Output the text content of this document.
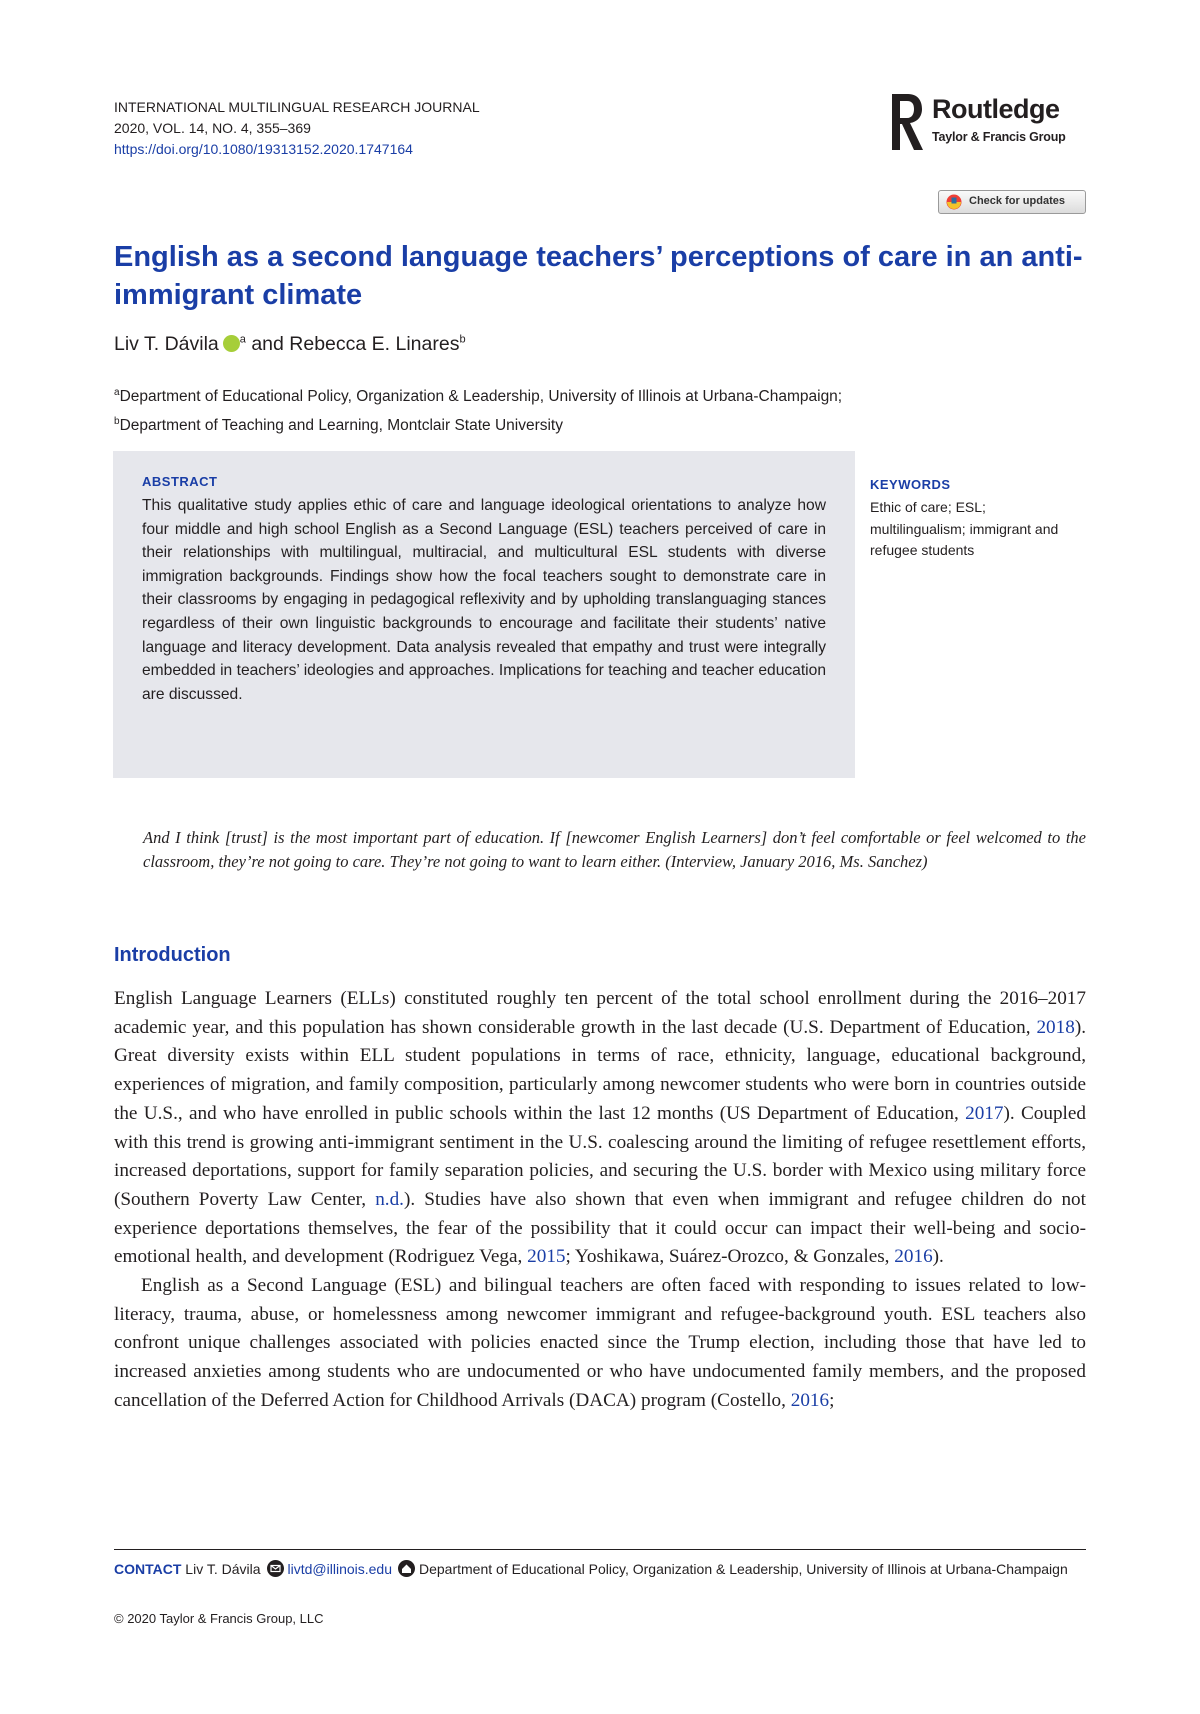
INTERNATIONAL MULTILINGUAL RESEARCH JOURNAL
2020, VOL. 14, NO. 4, 355–369
https://doi.org/10.1080/19313152.2020.1747164
Routledge
Taylor & Francis Group
Check for updates
English as a second language teachers’ perceptions of care in an anti-immigrant climate
Liv T. Dávila $^a$ and Rebecca E. Linares$^b$
$^a$Department of Educational Policy, Organization & Leadership, University of Illinois at Urbana-Champaign;
$^b$Department of Teaching and Learning, Montclair State University
ABSTRACT

This qualitative study applies ethic of care and language ideological orientations to analyze how four middle and high school English as a Second Language (ESL) teachers perceived of care in their relationships with multilingual, multiracial, and multicultural ESL students with diverse immigration backgrounds. Findings show how the focal teachers sought to demonstrate care in their classrooms by engaging in pedagogical reflexivity and by upholding translanguaging stances regardless of their own linguistic backgrounds to encourage and facilitate their students’ native language and literacy development. Data analysis revealed that empathy and trust were integrally embedded in teachers’ ideologies and approaches. Implications for teaching and teacher education are discussed.

KEYWORDS

Ethic of care; ESL; multilingualism; immigrant and refugee students

And I think [trust] is the most important part of education. If [newcomer English Learners] don’t feel comfortable or feel welcomed to the classroom, they’re not going to care. They’re not going to want to learn either. (Interview, January 2016, Ms. Sanchez)

Introduction

English Language Learners (ELLs) constituted roughly ten percent of the total school enrollment during the 2016–2017 academic year, and this population has shown considerable growth in the last decade (U.S. Department of Education, 2018). Great diversity exists within ELL student populations in terms of race, ethnicity, language, educational background, experiences of migration, and family composition, particularly among newcomer students who were born in countries outside the U.S., and who have enrolled in public schools within the last 12 months (US Department of Education, 2017). Coupled with this trend is growing anti-immigrant sentiment in the U.S. coalescing around the limiting of refugee resettlement efforts, increased deportations, support for family separation policies, and securing the U.S. border with Mexico using military force (Southern Poverty Law Center, n.d.). Studies have also shown that even when immigrant and refugee children do not experience deportations themselves, the fear of the possibility that it could occur can impact their well-being and socio-emotional health, and development (Rodriguez Vega, 2015; Yoshikawa, Suárez-Orozco, & Gonzales, 2016).

English as a Second Language (ESL) and bilingual teachers are often faced with responding to issues related to low-literacy, trauma, abuse, or homelessness among newcomer immigrant and refugee-background youth. ESL teachers also confront unique challenges associated with policies enacted since the Trump election, including those that have led to increased anxieties among students who are undocumented or who have undocumented family members, and the proposed cancellation of the Deferred Action for Childhood Arrivals (DACA) program (Costello, 2016;

CONTACT Liv T. Dávila livtd@illinois.edu Department of Educational Policy, Organization & Leadership, University of Illinois at Urbana-Champaign

© 2020 Taylor & Francis Group, LLC
